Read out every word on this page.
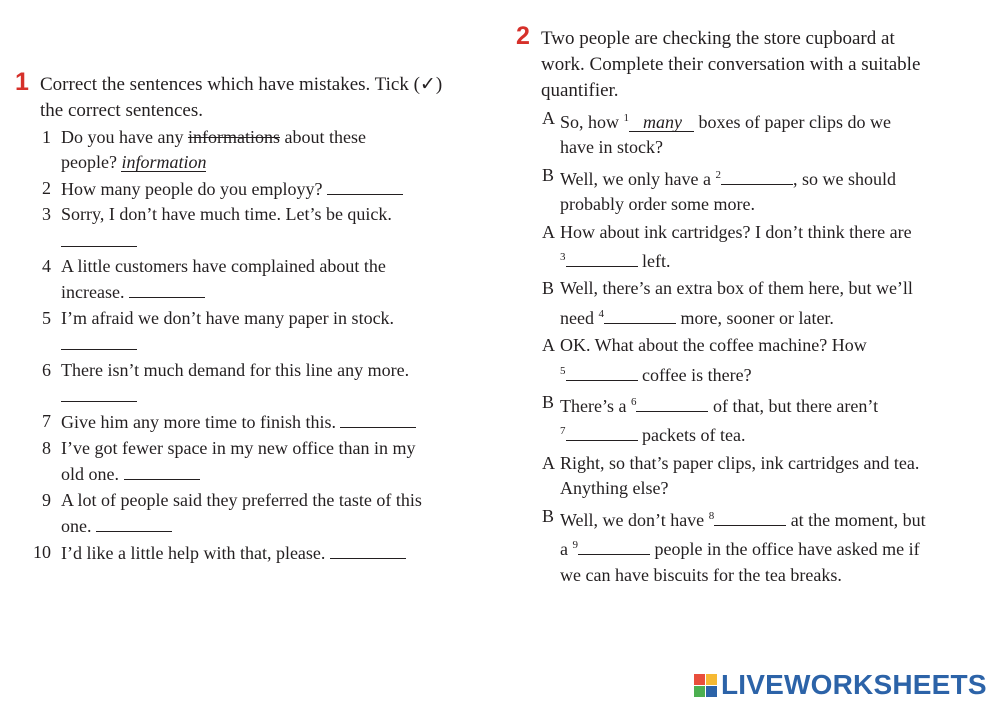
1 Correct the sentences which have mistakes. Tick (✓)
the correct sentences.
1 Do you have any informations about these
people? information
2 How many people do you employy?
3 Sorry, I don’t have much time. Let’s be quick.

4 A little customers have complained about the
increase.
5 I’m afraid we don’t have many paper in stock.

6 There isn’t much demand for this line any more.

7 Give him any more time to finish this.
8 I’ve got fewer space in my new office than in my
old one.
9 A lot of people said they preferred the taste of this
one.
10 I’d like a little help with that, please.
2 Two people are checking the store cupboard at
work. Complete their conversation with a suitable
quantifier.
A So, how $^1$ many boxes of paper clips do we
have in stock?
B Well, we only have a $^2$	, so we should
probably order some more.
A How about ink cartridges? I don’t think there are
$^3$	left.
B Well, there’s an extra box of them here, but we’ll
need $^4$	more, sooner or later.
A OK. What about the coffee machine? How
$^5$	coffee is there?
B There’s a $^6$	of that, but there aren’t
$^7$	packets of tea.
A Right, so that’s paper clips, ink cartridges and tea.
Anything else?
B Well, we don’t have $^8$	at the moment, but
a $^9$	people in the office have asked me if
we can have biscuits for the tea breaks.
LIVEWORKSHEETS
